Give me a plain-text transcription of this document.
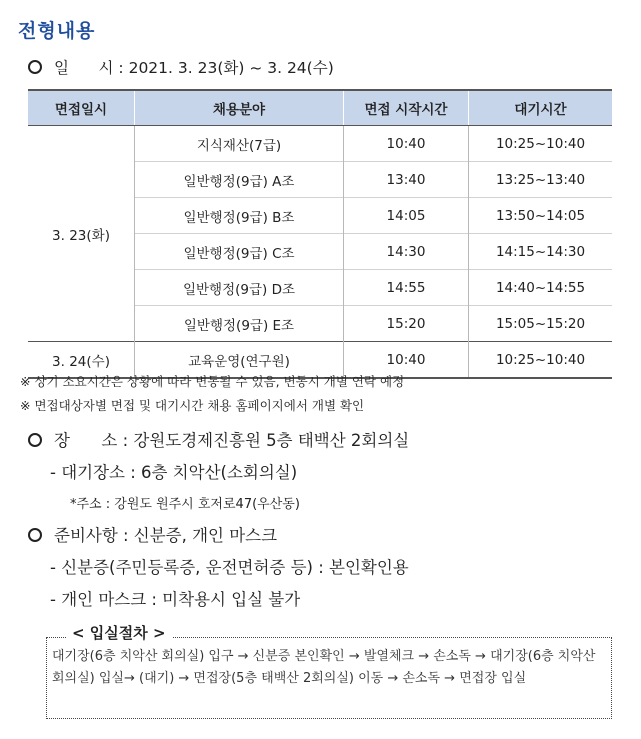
전형내용
일      시 : 2021. 3. 23(화) ~ 3. 24(수)
면접일시	채용분야	면접 시작시간	대기시간
3. 23(화)	지식재산(7급)	10:40	10:25~10:40
	일반행정(9급) A조	13:40	13:25~13:40
	일반행정(9급) B조	14:05	13:50~14:05
	일반행정(9급) C조	14:30	14:15~14:30
	일반행정(9급) D조	14:55	14:40~14:55
	일반행정(9급) E조	15:20	15:05~15:20
3. 24(수)	교육운영(연구원)	10:40	10:25~10:40
※ 상기 소요시간은 상황에 따라 변동될 수 있음, 변동시 개별 연락 예정
※ 면접대상자별 면접 및 대기시간 채용 홈페이지에서 개별 확인
장      소 : 강원도경제진흥원 5층 태백산 2회의실
- 대기장소 : 6층 치악산(소회의실)
*주소 : 강원도 원주시 호저로47(우산동)
준비사항 : 신분증, 개인 마스크
- 신분증(주민등록증, 운전면허증 등) : 본인확인용
- 개인 마스크 : 미착용시 입실 불가
< 입실절차 >
대기장(6층 치악산 회의실) 입구 → 신분증 본인확인 → 발열체크 → 손소독 → 대기장(6층 치악산 회의실) 입실→ (대기) → 면접장(5층 태백산 2회의실) 이동 → 손소독 → 면접장 입실
